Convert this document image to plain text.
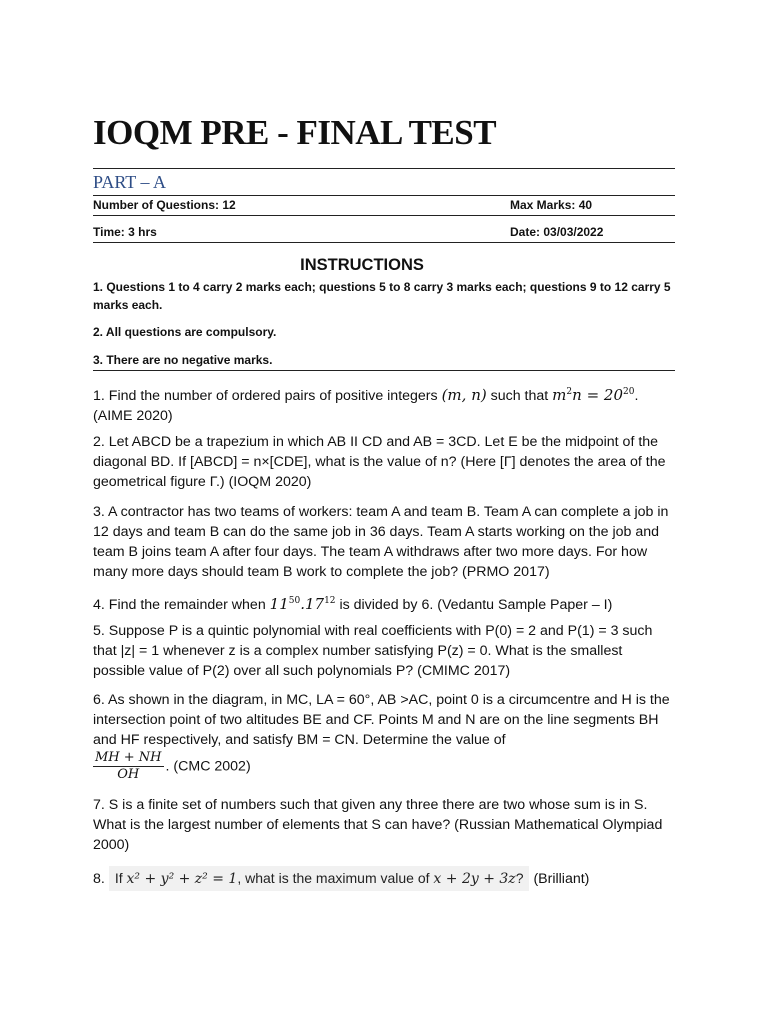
IOQM PRE - FINAL TEST
PART – A
Number of Questions: 12	Max Marks: 40
Time: 3 hrs	Date: 03/03/2022
INSTRUCTIONS
1. Questions 1 to 4 carry 2 marks each; questions 5 to 8 carry 3 marks each; questions 9 to 12 carry 5 marks each.
2. All questions are compulsory.
3. There are no negative marks.
1. Find the number of ordered pairs of positive integers (m, n) such that $m^2n = 20^{20}$.
(AIME 2020)
2. Let ABCD be a trapezium in which AB II CD and AB = 3CD. Let E be the midpoint of the diagonal BD. If [ABCD] = n×[CDE], what is the value of n? (Here [Γ] denotes the area of the geometrical figure Γ.) (IOQM 2020)
3. A contractor has two teams of workers: team A and team B. Team A can complete a job in 12 days and team B can do the same job in 36 days. Team A starts working on the job and team B joins team A after four days. The team A withdraws after two more days. For how many more days should team B work to complete the job? (PRMO 2017)
4. Find the remainder when $11^{50}.17^{12}$ is divided by 6. (Vedantu Sample Paper – I)
5. Suppose P is a quintic polynomial with real coefficients with P(0) = 2 and P(1) = 3 such that |z| = 1 whenever z is a complex number satisfying P(z) = 0. What is the smallest possible value of P(2) over all such polynomials P? (CMIMC 2017)
6. As shown in the diagram, in MC, LA = 60°, AB >AC, point 0 is a circumcentre and H is the intersection point of two altitudes BE and CF. Points M and N are on the line segments BH and HF respectively, and satisfy BM = CN. Determine the value of

$\frac{MH + NH}{OH}$ . (CMC 2002)
7. S is a finite set of numbers such that given any three there are two whose sum is in S. What is the largest number of elements that S can have? (Russian Mathematical Olympiad 2000)
8. If x² + y² + z² = 1, what is the maximum value of x + 2y + 3z? (Brilliant)
